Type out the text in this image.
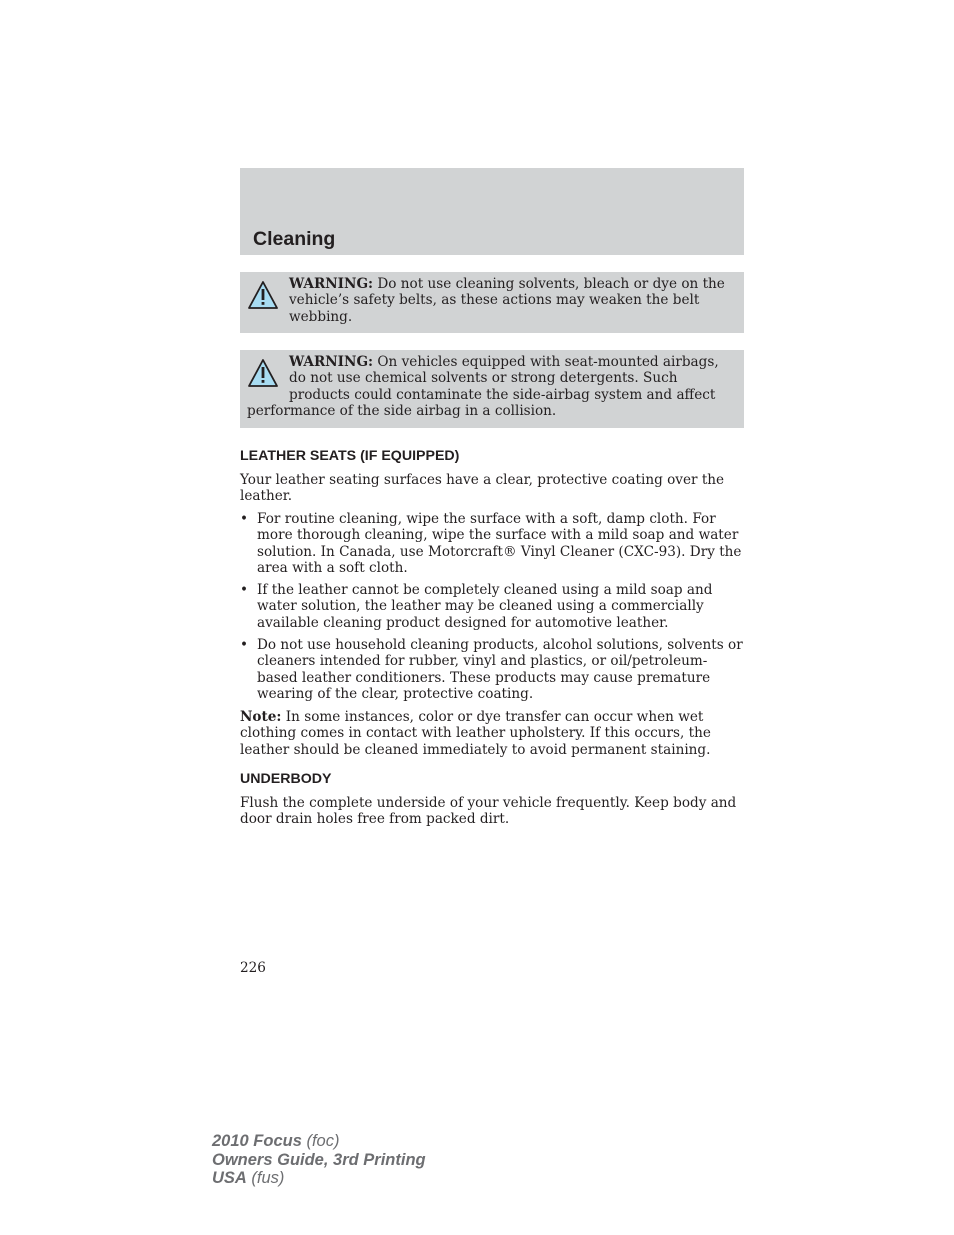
Cleaning
WARNING: Do not use cleaning solvents, bleach or dye on the vehicle’s safety belts, as these actions may weaken the belt webbing.
WARNING: On vehicles equipped with seat-mounted airbags, do not use chemical solvents or strong detergents. Such products could contaminate the side-airbag system and affect performance of the side airbag in a collision.
LEATHER SEATS (IF EQUIPPED)

Your leather seating surfaces have a clear, protective coating over the leather.

• For routine cleaning, wipe the surface with a soft, damp cloth. For more thorough cleaning, wipe the surface with a mild soap and water solution. In Canada, use Motorcraft® Vinyl Cleaner (CXC-93). Dry the area with a soft cloth.
• If the leather cannot be completely cleaned using a mild soap and water solution, the leather may be cleaned using a commercially available cleaning product designed for automotive leather.
• Do not use household cleaning products, alcohol solutions, solvents or cleaners intended for rubber, vinyl and plastics, or oil/petroleum-based leather conditioners. These products may cause premature wearing of the clear, protective coating.

Note: In some instances, color or dye transfer can occur when wet clothing comes in contact with leather upholstery. If this occurs, the leather should be cleaned immediately to avoid permanent staining.

UNDERBODY

Flush the complete underside of your vehicle frequently. Keep body and door drain holes free from packed dirt.

226

2010 Focus (foc)
Owners Guide, 3rd Printing
USA (fus)
